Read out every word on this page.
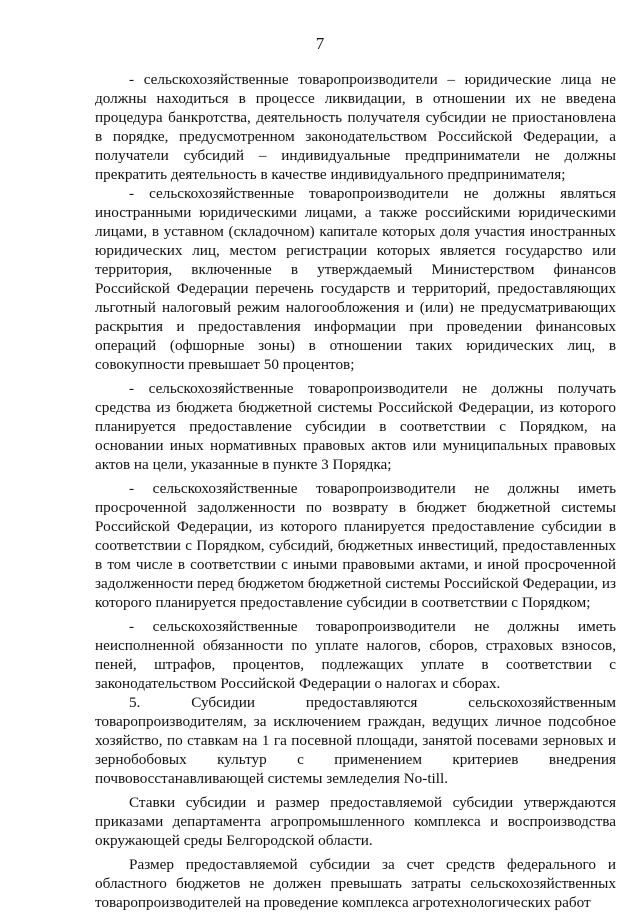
7

- сельскохозяйственные товаропроизводители – юридические лица не должны находиться в процессе ликвидации, в отношении их не введена процедура банкротства, деятельность получателя субсидии не приостановлена в порядке, предусмотренном законодательством Российской Федерации, а получатели субсидий – индивидуальные предприниматели не должны прекратить деятельность в качестве индивидуального предпринимателя;

- сельскохозяйственные товаропроизводители не должны являться иностранными юридическими лицами, а также российскими юридическими лицами, в уставном (складочном) капитале которых доля участия иностранных юридических лиц, местом регистрации которых является государство или территория, включенные в утверждаемый Министерством финансов Российской Федерации перечень государств и территорий, предоставляющих льготный налоговый режим налогообложения и (или) не предусматривающих раскрытия и предоставления информации при проведении финансовых операций (офшорные зоны) в отношении таких юридических лиц, в совокупности превышает 50 процентов;

- сельскохозяйственные товаропроизводители не должны получать средства из бюджета бюджетной системы Российской Федерации, из которого планируется предоставление субсидии в соответствии с Порядком, на основании иных нормативных правовых актов или муниципальных правовых актов на цели, указанные в пункте 3 Порядка;

- сельскохозяйственные товаропроизводители не должны иметь просроченной задолженности по возврату в бюджет бюджетной системы Российской Федерации, из которого планируется предоставление субсидии в соответствии с Порядком, субсидий, бюджетных инвестиций, предоставленных в том числе в соответствии с иными правовыми актами, и иной просроченной задолженности перед бюджетом бюджетной системы Российской Федерации, из которого планируется предоставление субсидии в соответствии с Порядком;

- сельскохозяйственные товаропроизводители не должны иметь неисполненной обязанности по уплате налогов, сборов, страховых взносов, пеней, штрафов, процентов, подлежащих уплате в соответствии с законодательством Российской Федерации о налогах и сборах.

5. Субсидии предоставляются сельскохозяйственным товаропроизводителям, за исключением граждан, ведущих личное подсобное хозяйство, по ставкам на 1 га посевной площади, занятой посевами зерновых и зернобобовых культур с применением критериев внедрения почвовосстанавливающей системы земледелия No-till.

Ставки субсидии и размер предоставляемой субсидии утверждаются приказами департамента агропромышленного комплекса и воспроизводства окружающей среды Белгородской области.

Размер предоставляемой субсидии за счет средств федерального и областного бюджетов не должен превышать затраты сельскохозяйственных товаропроизводителей на проведение комплекса агротехнологических работ
